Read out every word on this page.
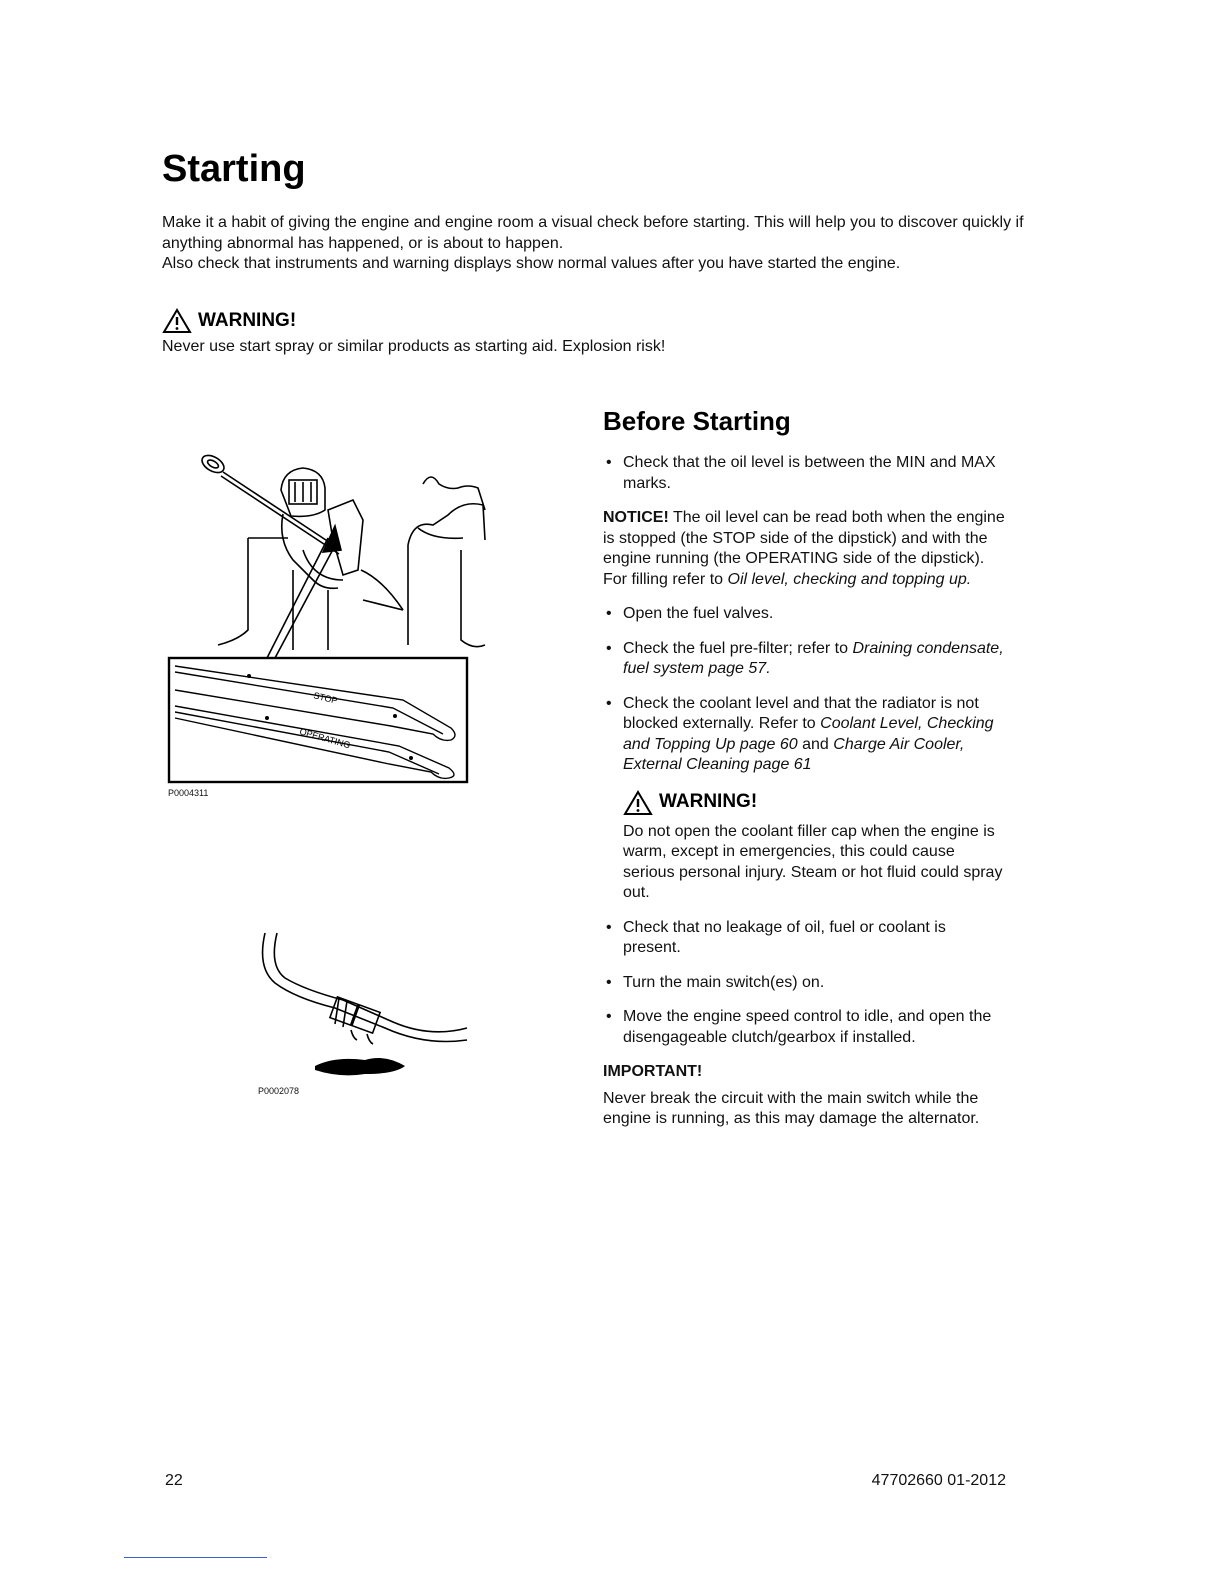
Starting

Make it a habit of giving the engine and engine room a visual check before starting. This will help you to discover quickly if anything abnormal has happened, or is about to happen.

Also check that instruments and warning displays show normal values after you have started the engine.

WARNING!
Never use start spray or similar products as starting aid. Explosion risk!
STOP
OPERATING
P0004311
P0002078
Before Starting
• Check that the oil level is between the MIN and MAX marks.

NOTICE! The oil level can be read both when the engine is stopped (the STOP side of the dipstick) and with the engine running (the OPERATING side of the dipstick).

For filling refer to Oil level, checking and topping up.

• Open the fuel valves.
• Check the fuel pre-filter; refer to Draining condensate, fuel system page 57.
• Check the coolant level and that the radiator is not blocked externally. Refer to Coolant Level, Checking and Topping Up page 60 and Charge Air Cooler, External Cleaning page 61
WARNING!

Do not open the coolant filler cap when the engine is warm, except in emergencies, this could cause serious personal injury. Steam or hot fluid could spray out.

• Check that no leakage of oil, fuel or coolant is present.
• Turn the main switch(es) on.
• Move the engine speed control to idle, and open the disengageable clutch/gearbox if installed.
IMPORTANT!

Never break the circuit with the main switch while the engine is running, as this may damage the alternator.

22	47702660 01-2012
